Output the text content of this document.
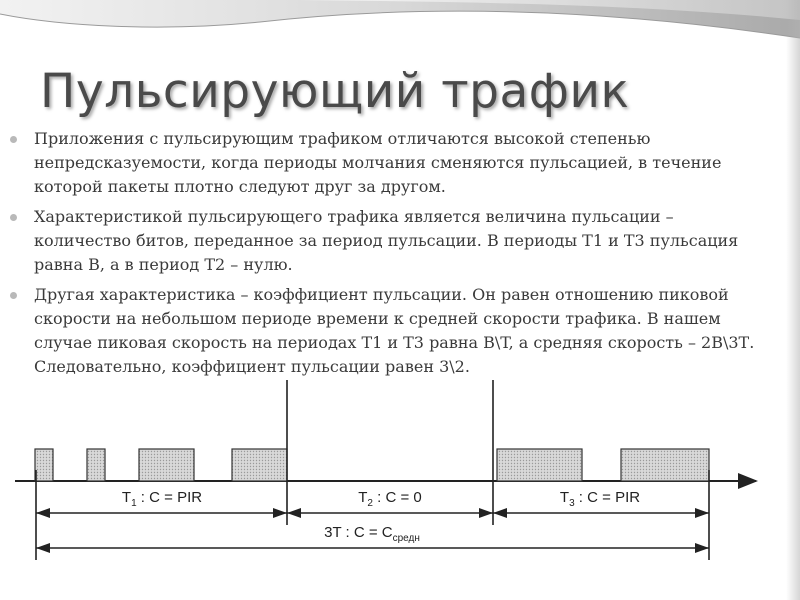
Пульсирующий трафик
Приложения с пульсирующим трафиком отличаются высокой степенью непредсказуемости, когда периоды молчания сменяются пульсацией, в течение которой пакеты плотно следуют друг за другом.
Характеристикой пульсирующего трафика является величина пульсации – количество битов, переданное за период пульсации. В периоды Т1 и Т3 пульсация равна В, а в период Т2 – нулю.
Другая характеристика – коэффициент пульсации. Он равен отношению пиковой скорости на небольшом периоде времени к средней скорости трафика. В нашем случае пиковая скорость на периодах Т1 и Т3 равна В\T, а средняя скорость – 2В\3Т. Следовательно, коэффициент пульсации равен 3\2.
$T_1$ : C = PIR	$T_2$ : C = 0	$T_3$ : C = PIR
3T : $C = C_{средн}$
